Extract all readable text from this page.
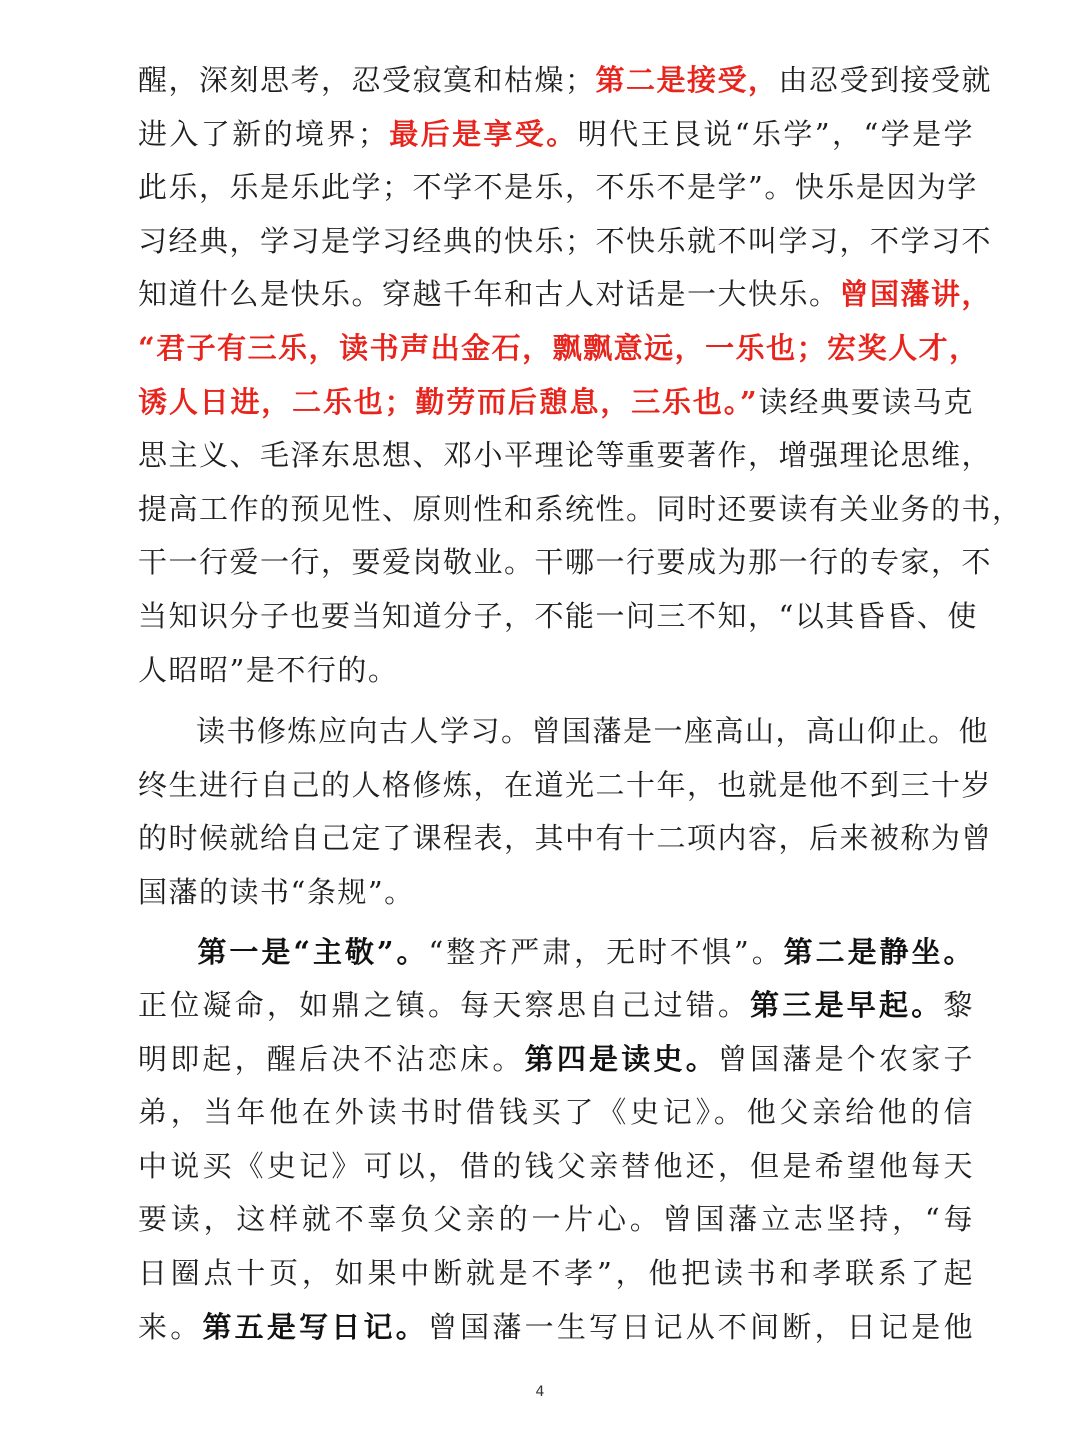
醒，深刻思考，忍受寂寞和枯燥；第二是接受，由忍受到接受就
进入了新的境界；最后是享受。明代王艮说“乐学”，“学是学
此乐，乐是乐此学；不学不是乐，不乐不是学”。快乐是因为学
习经典，学习是学习经典的快乐；不快乐就不叫学习，不学习不
知道什么是快乐。穿越千年和古人对话是一大快乐。曾国藩讲，
“君子有三乐，读书声出金石，飘飘意远，一乐也；宏奖人才，
诱人日进，二乐也；勤劳而后憩息，三乐也。”读经典要读马克
思主义、毛泽东思想、邓小平理论等重要著作，增强理论思维，
提高工作的预见性、原则性和系统性。同时还要读有关业务的书，
干一行爱一行，要爱岗敬业。干哪一行要成为那一行的专家，不
当知识分子也要当知道分子，不能一问三不知，“以其昏昏、使
人昭昭”是不行的。
读书修炼应向古人学习。曾国藩是一座高山，高山仰止。他
终生进行自己的人格修炼，在道光二十年，也就是他不到三十岁
的时候就给自己定了课程表，其中有十二项内容，后来被称为曾
国藩的读书“条规”。
第一是“主敬”。“整齐严肃，无时不惧”。第二是静坐。
正位凝命，如鼎之镇。每天察思自己过错。第三是早起。黎
明即起，醒后决不沾恋床。第四是读史。曾国藩是个农家子
弟，当年他在外读书时借钱买了《史记》。他父亲给他的信
中说买《史记》可以，借的钱父亲替他还，但是希望他每天
要读，这样就不辜负父亲的一片心。曾国藩立志坚持，“每
日圈点十页，如果中断就是不孝”，他把读书和孝联系了起
来。第五是写日记。曾国藩一生写日记从不间断，日记是他
4
